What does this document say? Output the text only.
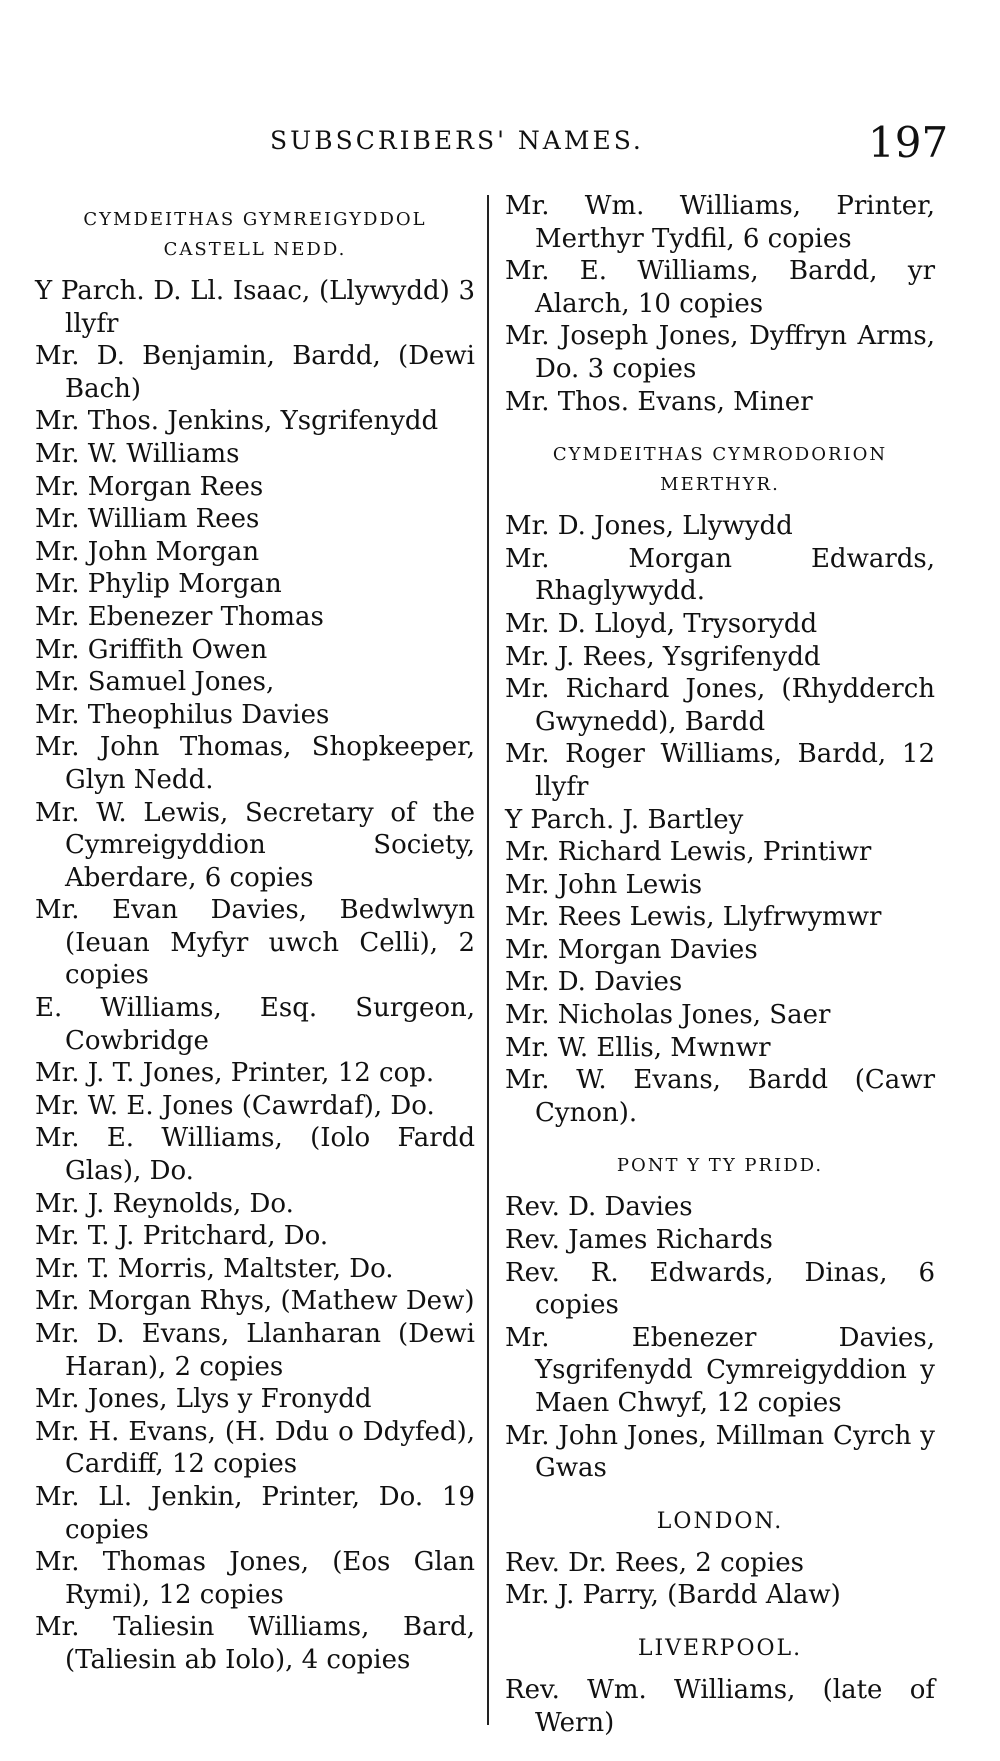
SUBSCRIBERS' NAMES.	197
CYMDEITHAS GYMREIGYDDOL
CASTELL NEDD.

Y Parch. D. Ll. Isaac, (Llywydd) 3 llyfr

Mr. D. Benjamin, Bardd, (Dewi Bach)

Mr. Thos. Jenkins, Ysgrifenydd

Mr. W. Williams

Mr. Morgan Rees

Mr. William Rees

Mr. John Morgan

Mr. Phylip Morgan

Mr. Ebenezer Thomas

Mr. Griffith Owen

Mr. Samuel Jones,

Mr. Theophilus Davies

Mr. John Thomas, Shopkeeper, Glyn Nedd.

Mr. W. Lewis, Secretary of the Cymreigyddion Society, Aberdare, 6 copies

Mr. Evan Davies, Bedwlwyn (Ieuan Myfyr uwch Celli), 2 copies

E. Williams, Esq. Surgeon, Cowbridge

Mr. J. T. Jones, Printer, 12 cop.

Mr. W. E. Jones (Cawrdaf), Do.

Mr. E. Williams, (Iolo Fardd Glas), Do.

Mr. J. Reynolds, Do.

Mr. T. J. Pritchard, Do.

Mr. T. Morris, Maltster, Do.

Mr. Morgan Rhys, (Mathew Dew)

Mr. D. Evans, Llanharan (Dewi Haran), 2 copies

Mr. Jones, Llys y Fronydd

Mr. H. Evans, (H. Ddu o Ddyfed), Cardiff, 12 copies

Mr. Ll. Jenkin, Printer, Do. 19 copies

Mr. Thomas Jones, (Eos Glan Rymi), 12 copies

Mr. Taliesin Williams, Bard, (Taliesin ab Iolo), 4 copies

Mr. Wm. Williams, Printer, Merthyr Tydfil, 6 copies

Mr. E. Williams, Bardd, yr Alarch, 10 copies

Mr. Joseph Jones, Dyffryn Arms, Do. 3 copies

Mr. Thos. Evans, Miner

CYMDEITHAS CYMRODORION
MERTHYR.

Mr. D. Jones, Llywydd

Mr. Morgan Edwards, Rhaglywydd.

Mr. D. Lloyd, Trysorydd

Mr. J. Rees, Ysgrifenydd

Mr. Richard Jones, (Rhydderch Gwynedd), Bardd

Mr. Roger Williams, Bardd, 12 llyfr

Y Parch. J. Bartley

Mr. Richard Lewis, Printiwr

Mr. John Lewis

Mr. Rees Lewis, Llyfrwymwr

Mr. Morgan Davies

Mr. D. Davies

Mr. Nicholas Jones, Saer

Mr. W. Ellis, Mwnwr

Mr. W. Evans, Bardd (Cawr Cynon).

PONT Y TY PRIDD.

Rev. D. Davies

Rev. James Richards

Rev. R. Edwards, Dinas, 6 copies

Mr. Ebenezer Davies, Ysgrifenydd Cymreigyddion y Maen Chwyf, 12 copies

Mr. John Jones, Millman Cyrch y Gwas

LONDON.

Rev. Dr. Rees, 2 copies

Mr. J. Parry, (Bardd Alaw)

LIVERPOOL.

Rev. Wm. Williams, (late of Wern)
